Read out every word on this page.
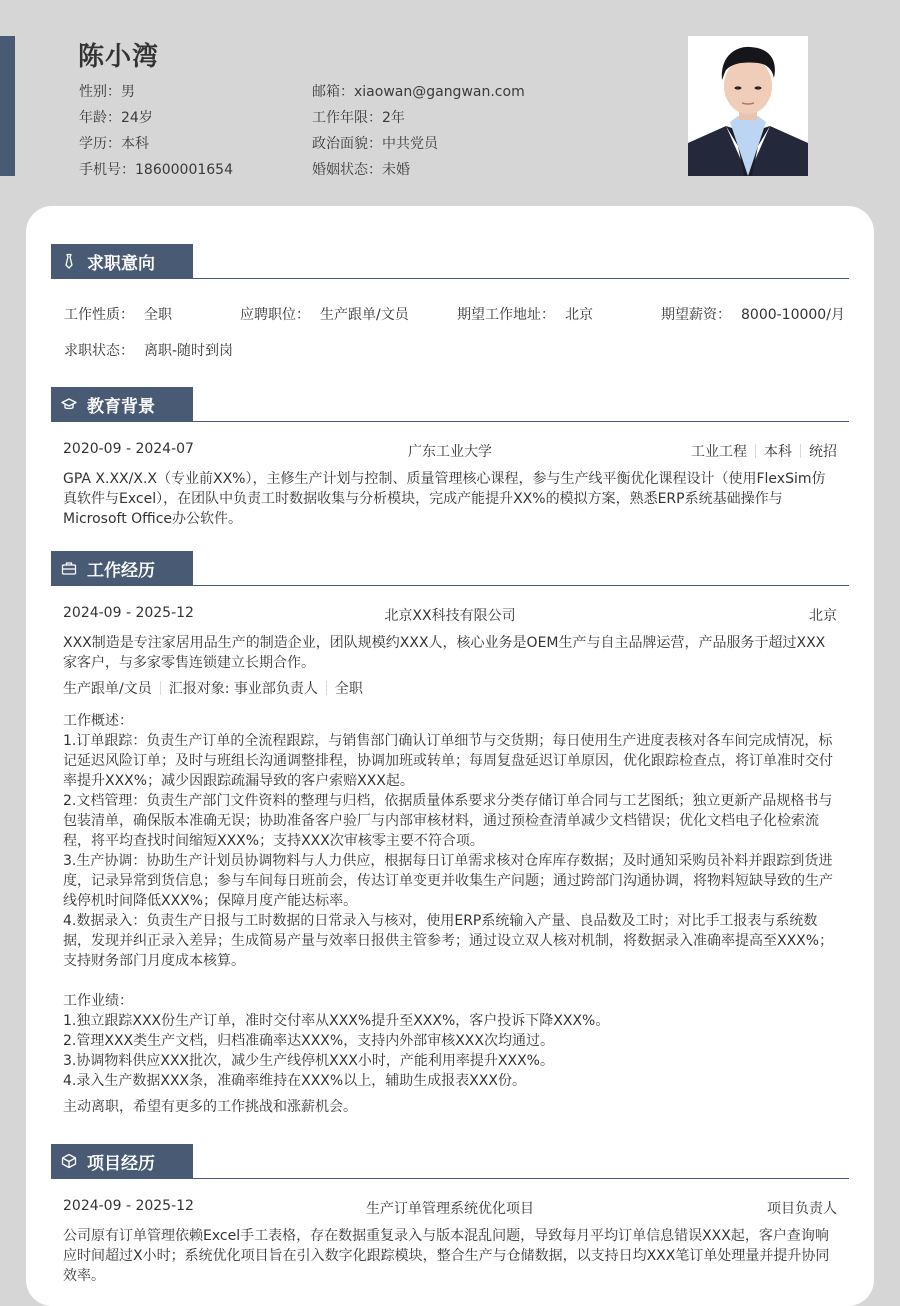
陈小湾
性别：男
年龄：24岁
学历：本科
手机号：18600001654
邮箱：xiaowan@gangwan.com
工作年限：2年
政治面貌：中共党员
婚姻状态：未婚
求职意向
工作性质： 全职	应聘职位： 生产跟单/文员	期望工作地址： 北京	期望薪资： 8000-10000/月
求职状态： 离职-随时到岗
教育背景
2020-09 - 2024-07	广东工业大学	工业工程 本科 统招

GPA X.XX/X.X（专业前XX%），主修生产计划与控制、质量管理核心课程，参与生产线平衡优化课程设计（使用FlexSim仿真软件与Excel），在团队中负责工时数据收集与分析模块，完成产能提升XX%的模拟方案，熟悉ERP系统基础操作与Microsoft Office办公软件。

工作经历
2024-09 - 2025-12	北京XX科技有限公司	北京

XXX制造是专注家居用品生产的制造企业，团队规模约XXX人，核心业务是OEM生产与自主品牌运营，产品服务于超过XXX家客户，与多家零售连锁建立长期合作。

生产跟单/文员 汇报对象: 事业部负责人 全职

工作概述：

1.订单跟踪：负责生产订单的全流程跟踪，与销售部门确认订单细节与交货期；每日使用生产进度表核对各车间完成情况，标记延迟风险订单；及时与班组长沟通调整排程，协调加班或转单；每周复盘延迟订单原因，优化跟踪检查点，将订单准时交付率提升XXX%；减少因跟踪疏漏导致的客户索赔XXX起。

2.文档管理：负责生产部门文件资料的整理与归档，依据质量体系要求分类存储订单合同与工艺图纸；独立更新产品规格书与包装清单，确保版本准确无误；协助准备客户验厂与内部审核材料，通过预检查清单减少文档错误；优化文档电子化检索流程，将平均查找时间缩短XXX%；支持XXX次审核零主要不符合项。

3.生产协调：协助生产计划员协调物料与人力供应，根据每日订单需求核对仓库库存数据；及时通知采购员补料并跟踪到货进度，记录异常到货信息；参与车间每日班前会，传达订单变更并收集生产问题；通过跨部门沟通协调，将物料短缺导致的生产线停机时间降低XXX%；保障月度产能达标率。

4.数据录入：负责生产日报与工时数据的日常录入与核对，使用ERP系统输入产量、良品数及工时；对比手工报表与系统数据，发现并纠正录入差异；生成简易产量与效率日报供主管参考；通过设立双人核对机制，将数据录入准确率提高至XXX%；支持财务部门月度成本核算。

工作业绩：

1.独立跟踪XXX份生产订单，准时交付率从XXX%提升至XXX%，客户投诉下降XXX%。

2.管理XXX类生产文档，归档准确率达XXX%，支持内外部审核XXX次均通过。

3.协调物料供应XXX批次，减少生产线停机XXX小时，产能利用率提升XXX%。

4.录入生产数据XXX条，准确率维持在XXX%以上，辅助生成报表XXX份。

主动离职，希望有更多的工作挑战和涨薪机会。

项目经历
2024-09 - 2025-12	生产订单管理系统优化项目	项目负责人

公司原有订单管理依赖Excel手工表格，存在数据重复录入与版本混乱问题，导致每月平均订单信息错误XXX起，客户查询响应时间超过X小时；系统优化项目旨在引入数字化跟踪模块，整合生产与仓储数据，以支持日均XXX笔订单处理量并提升协同效率。
